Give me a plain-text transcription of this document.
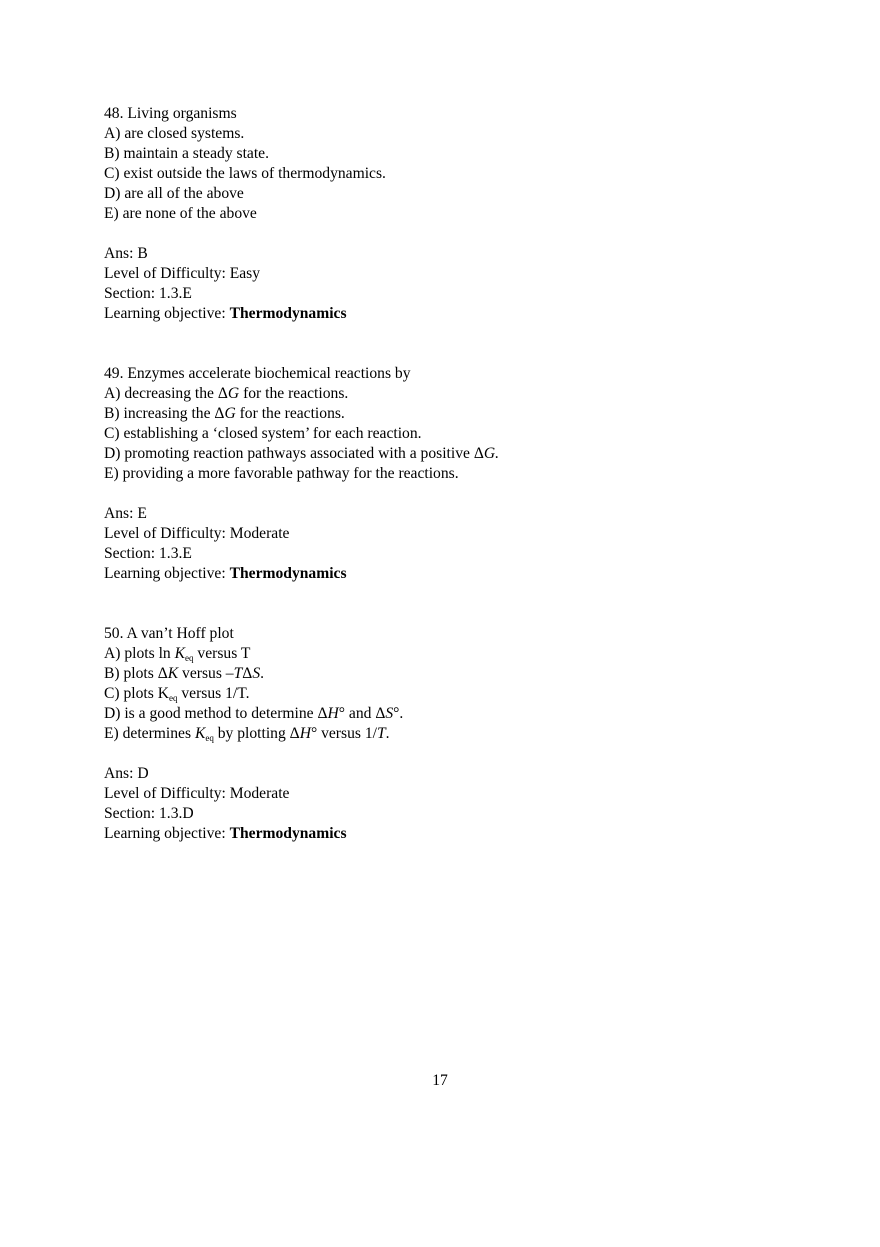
48. Living organisms
A) are closed systems.
B) maintain a steady state.
C) exist outside the laws of thermodynamics.
D) are all of the above
E) are none of the above
Ans: B
Level of Difficulty: Easy
Section: 1.3.E
Learning objective: Thermodynamics
49. Enzymes accelerate biochemical reactions by
A) decreasing the ΔG for the reactions.
B) increasing the ΔG for the reactions.
C) establishing a ‘closed system’ for each reaction.
D) promoting reaction pathways associated with a positive ΔG.
E) providing a more favorable pathway for the reactions.
Ans: E
Level of Difficulty: Moderate
Section: 1.3.E
Learning objective: Thermodynamics
50. A van’t Hoff plot
A) plots $\ln K_{eq}$ versus T
B) plots ΔK versus –TΔS.
C) plots $K_{eq}$ versus 1/T.
D) is a good method to determine ΔH° and ΔS°.
E) determines $K_{eq}$ by plotting ΔH° versus 1/T.
Ans: D
Level of Difficulty: Moderate
Section: 1.3.D
Learning objective: Thermodynamics
17
